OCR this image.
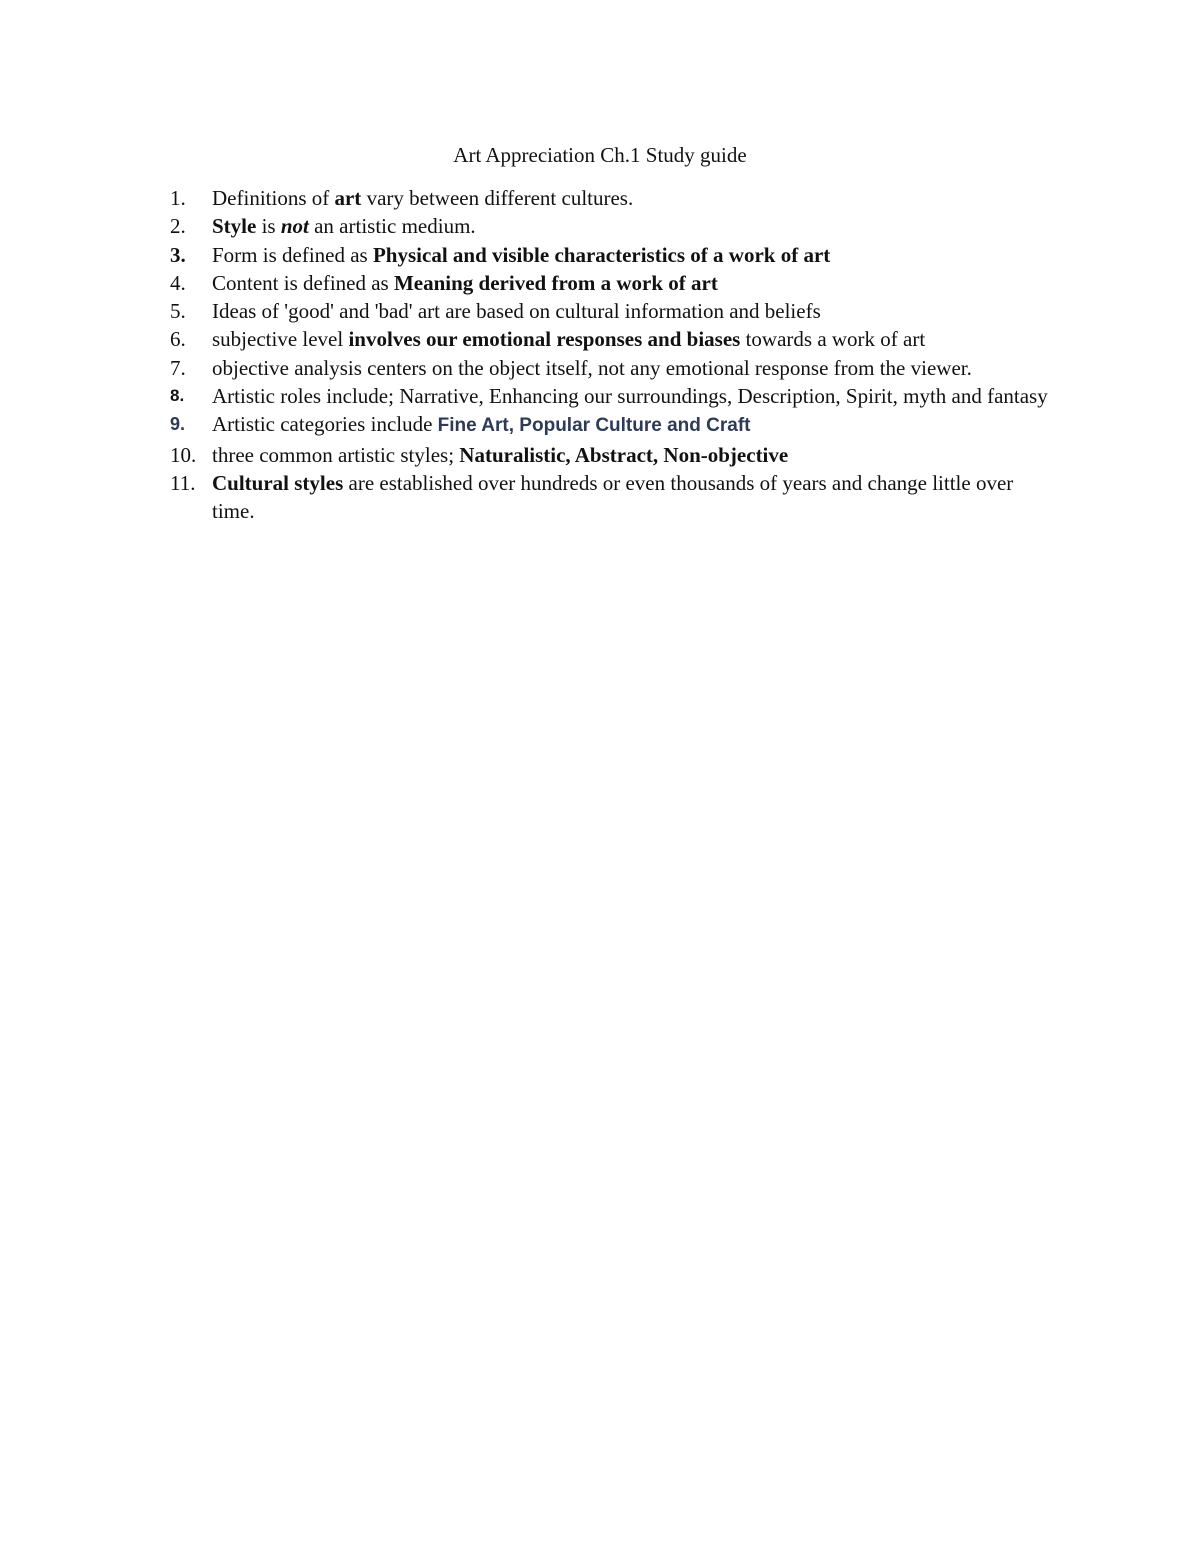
Art Appreciation Ch.1 Study guide
1.	Definitions of art vary between different cultures.
2.	Style is not an artistic medium.
3.	Form is defined as Physical and visible characteristics of a work of art
4.	Content is defined as Meaning derived from a work of art
5.	Ideas of 'good' and 'bad' art are based on cultural information and beliefs
6.	subjective level involves our emotional responses and biases towards a work of art
7.	objective analysis centers on the object itself, not any emotional response from the viewer.
8.	Artistic roles include; Narrative, Enhancing our surroundings, Description, Spirit, myth and fantasy
9.	Artistic categories include Fine Art, Popular Culture and Craft
10. three common artistic styles; Naturalistic, Abstract, Non-objective
11. Cultural styles are established over hundreds or even thousands of years and change little over time.
